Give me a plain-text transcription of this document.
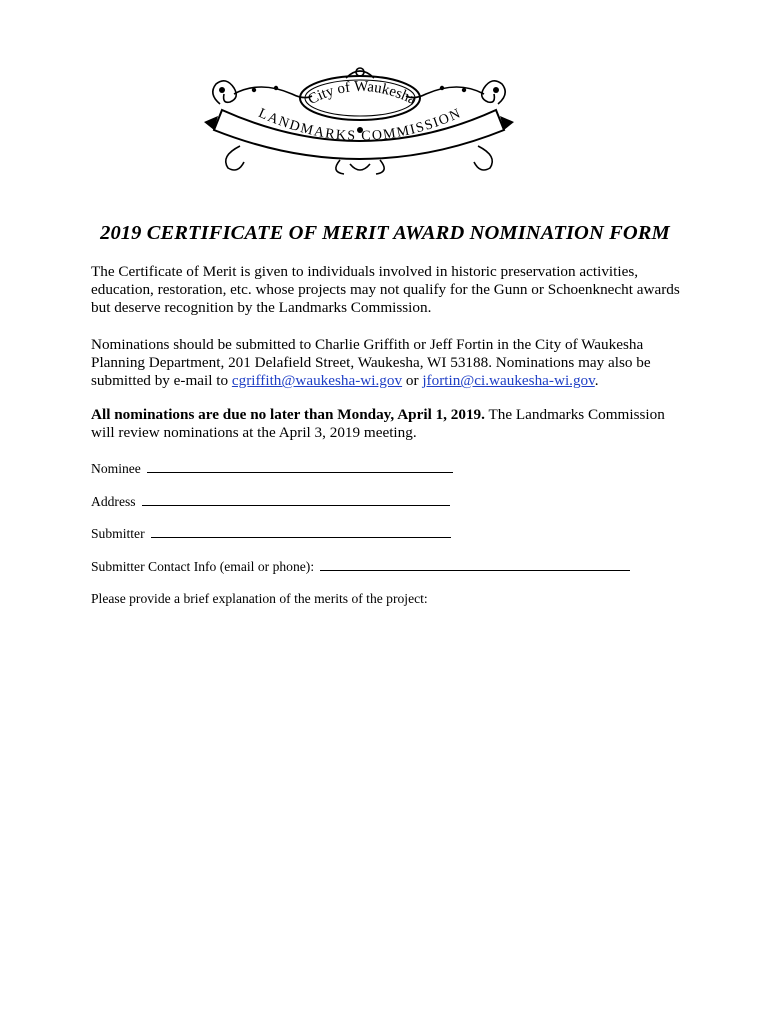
City of Waukesha
LANDMARKS COMMISSION
2019 CERTIFICATE OF MERIT AWARD NOMINATION FORM
The Certificate of Merit is given to individuals involved in historic preservation activities,
education, restoration, etc. whose projects may not qualify for the Gunn or Schoenknecht awards
but deserve recognition by the Landmarks Commission.
Nominations should be submitted to Charlie Griffith or Jeff Fortin in the City of Waukesha
Planning Department, 201 Delafield Street, Waukesha, WI 53188. Nominations may also be
submitted by e-mail to cgriffith@waukesha-wi.gov or jfortin@ci.waukesha-wi.gov.
All nominations are due no later than Monday, April 1, 2019. The Landmarks Commission
will review nominations at the April 3, 2019 meeting.
Nominee
Address
Submitter
Submitter Contact Info (email or phone):
Please provide a brief explanation of the merits of the project:
